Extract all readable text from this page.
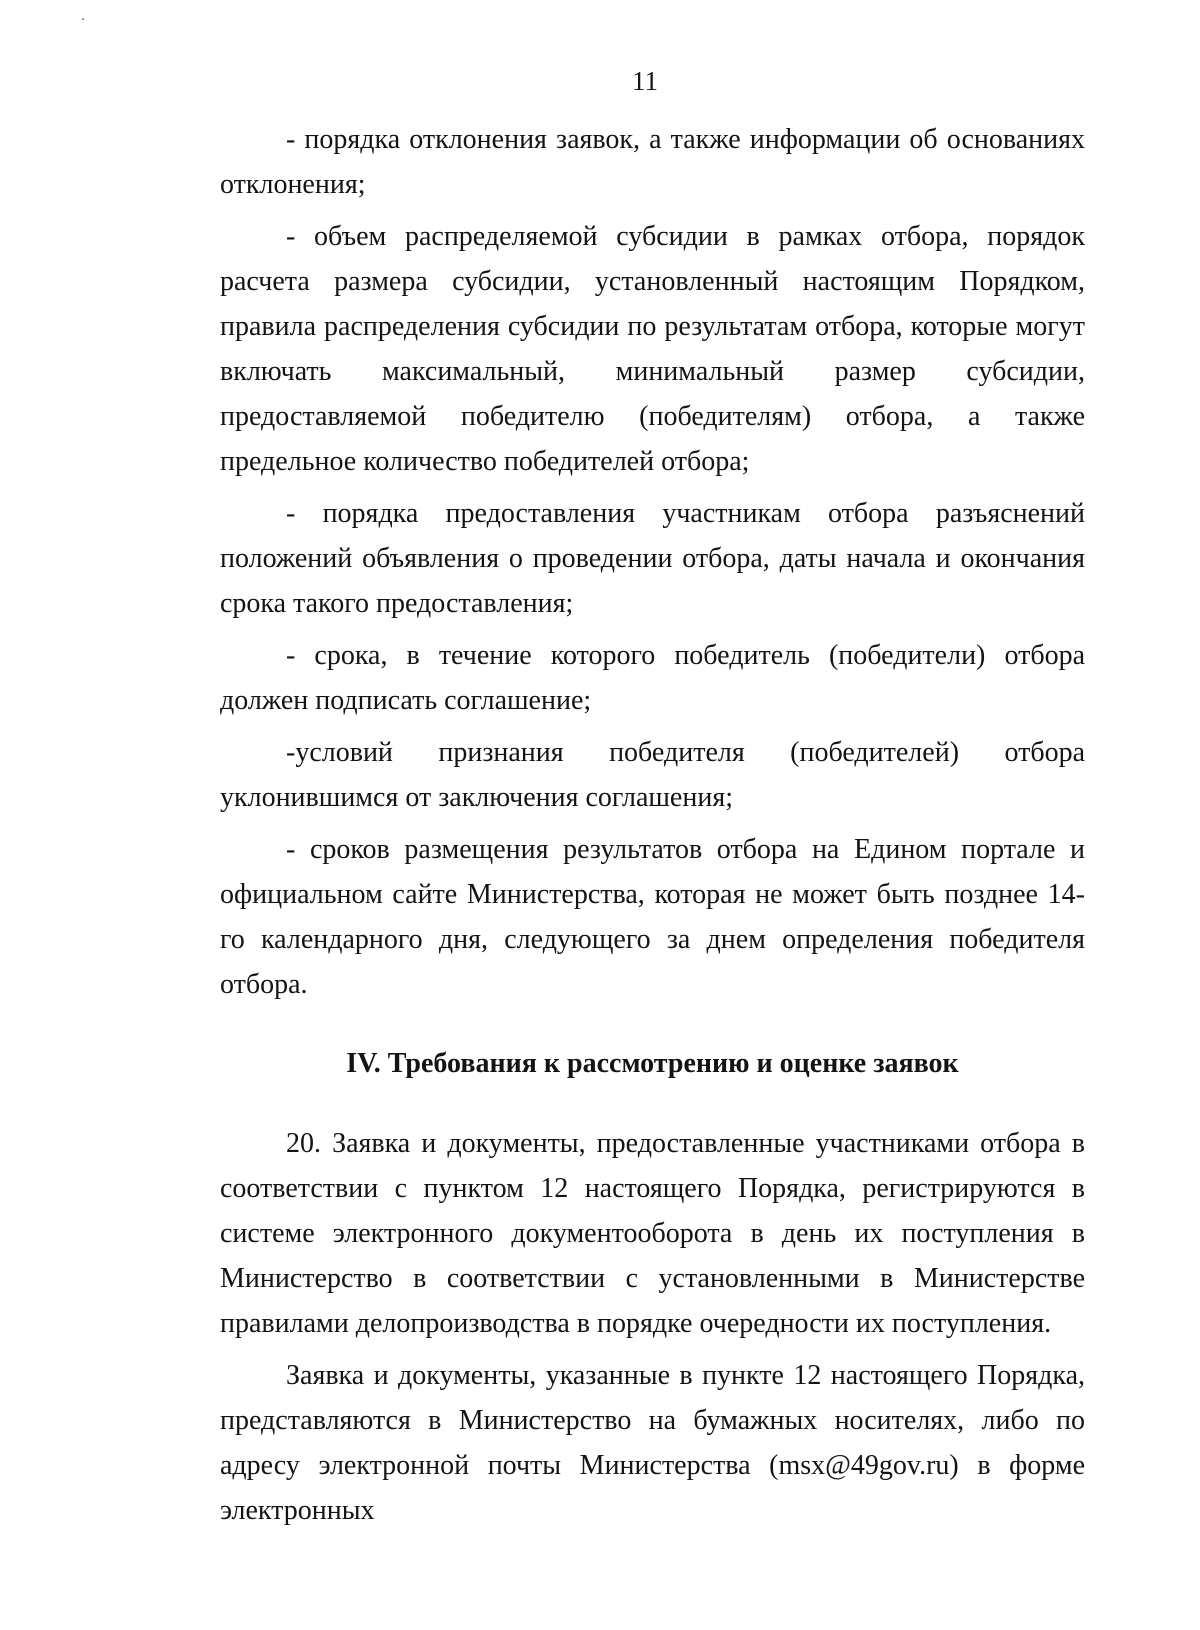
11

- порядка отклонения заявок, а также информации об основаниях отклонения;

- объем распределяемой субсидии в рамках отбора, порядок расчета размера субсидии, установленный настоящим Порядком, правила распределения субсидии по результатам отбора, которые могут включать максимальный, минимальный размер субсидии, предоставляемой победителю (победителям) отбора, а также предельное количество победителей отбора;

- порядка предоставления участникам отбора разъяснений положений объявления о проведении отбора, даты начала и окончания срока такого предоставления;

- срока, в течение которого победитель (победители) отбора должен подписать соглашение;

-условий признания победителя (победителей) отбора уклонившимся от заключения соглашения;

- сроков размещения результатов отбора на Едином портале и официальном сайте Министерства, которая не может быть позднее 14-го календарного дня, следующего за днем определения победителя отбора.

IV. Требования к рассмотрению и оценке заявок

20. Заявка и документы, предоставленные участниками отбора в соответствии с пунктом 12 настоящего Порядка, регистрируются в системе электронного документооборота в день их поступления в Министерство в соответствии с установленными в Министерстве правилами делопроизводства в порядке очередности их поступления.

Заявка и документы, указанные в пункте 12 настоящего Порядка, представляются в Министерство на бумажных носителях, либо по адресу электронной почты Министерства (msx@49gov.ru) в форме электронных
